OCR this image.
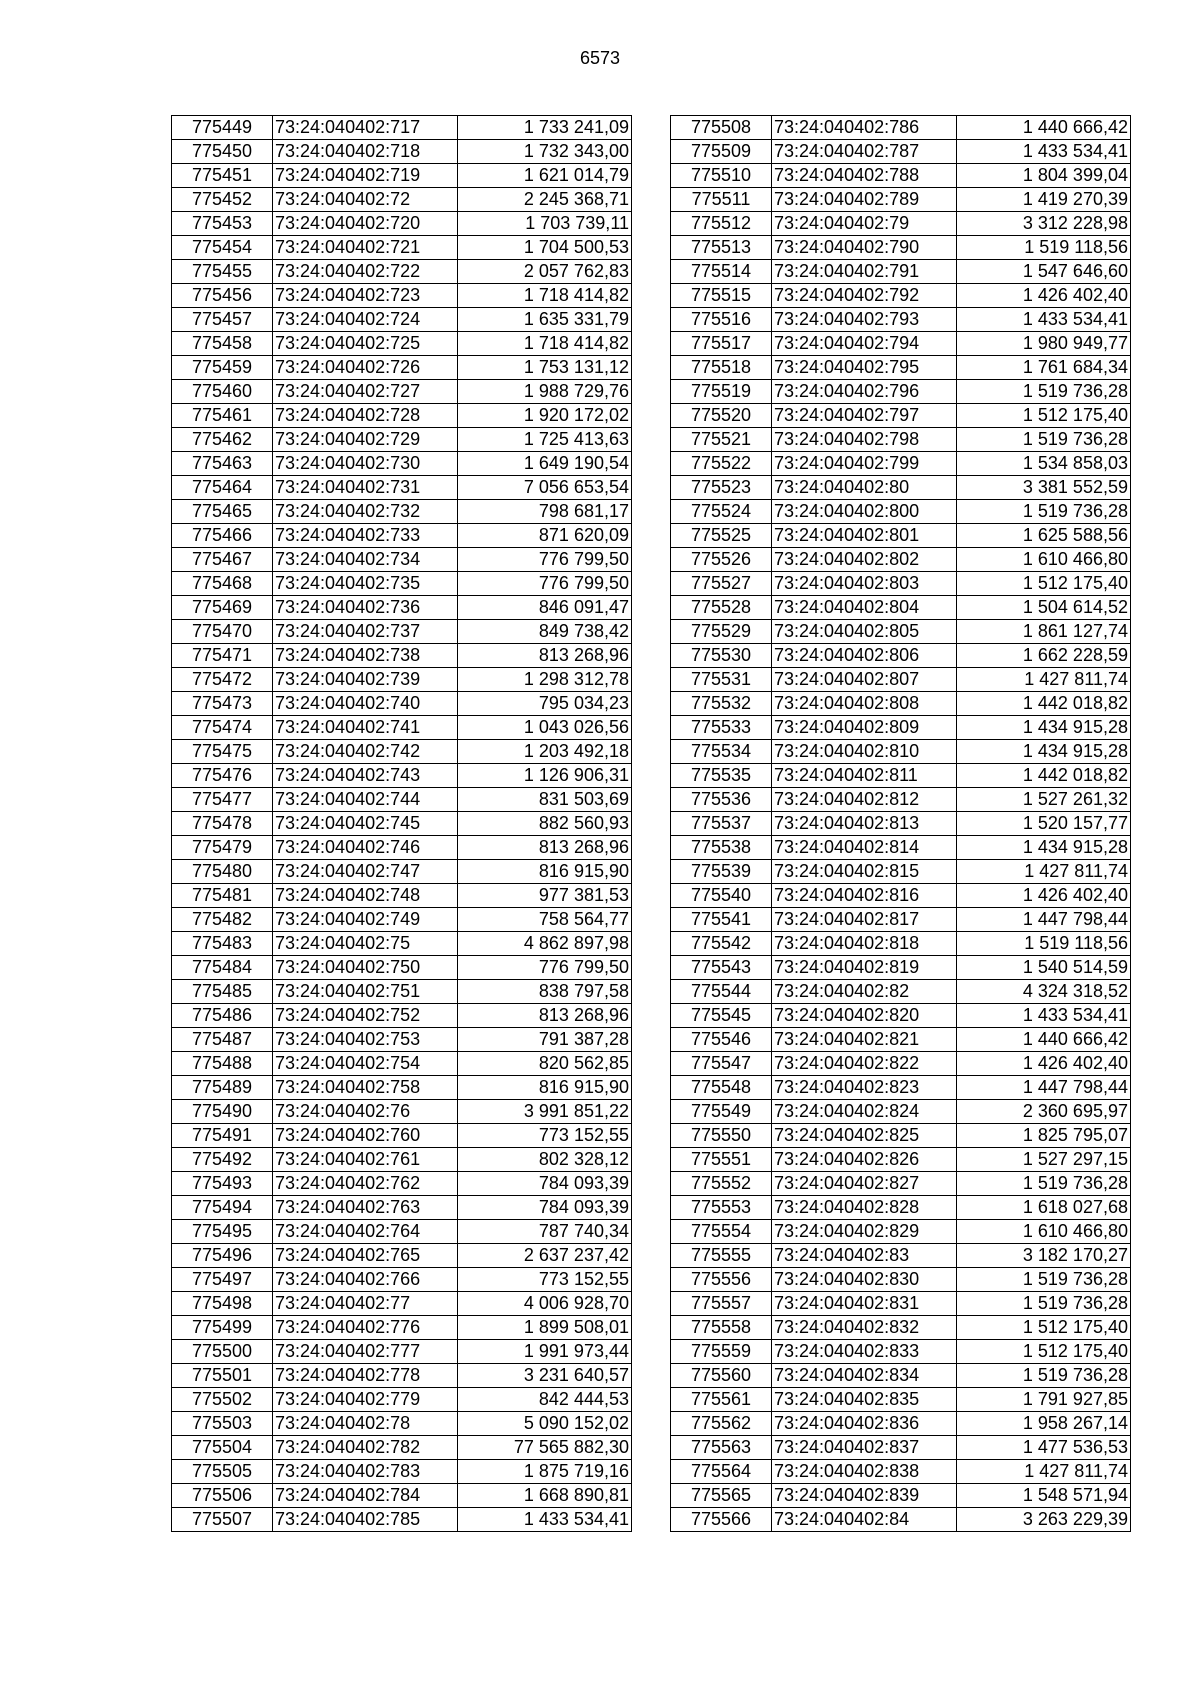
6573
775449	73:24:040402:717	1 733 241,09
775450	73:24:040402:718	1 732 343,00
775451	73:24:040402:719	1 621 014,79
775452	73:24:040402:72	2 245 368,71
775453	73:24:040402:720	1 703 739,11
775454	73:24:040402:721	1 704 500,53
775455	73:24:040402:722	2 057 762,83
775456	73:24:040402:723	1 718 414,82
775457	73:24:040402:724	1 635 331,79
775458	73:24:040402:725	1 718 414,82
775459	73:24:040402:726	1 753 131,12
775460	73:24:040402:727	1 988 729,76
775461	73:24:040402:728	1 920 172,02
775462	73:24:040402:729	1 725 413,63
775463	73:24:040402:730	1 649 190,54
775464	73:24:040402:731	7 056 653,54
775465	73:24:040402:732	798 681,17
775466	73:24:040402:733	871 620,09
775467	73:24:040402:734	776 799,50
775468	73:24:040402:735	776 799,50
775469	73:24:040402:736	846 091,47
775470	73:24:040402:737	849 738,42
775471	73:24:040402:738	813 268,96
775472	73:24:040402:739	1 298 312,78
775473	73:24:040402:740	795 034,23
775474	73:24:040402:741	1 043 026,56
775475	73:24:040402:742	1 203 492,18
775476	73:24:040402:743	1 126 906,31
775477	73:24:040402:744	831 503,69
775478	73:24:040402:745	882 560,93
775479	73:24:040402:746	813 268,96
775480	73:24:040402:747	816 915,90
775481	73:24:040402:748	977 381,53
775482	73:24:040402:749	758 564,77
775483	73:24:040402:75	4 862 897,98
775484	73:24:040402:750	776 799,50
775485	73:24:040402:751	838 797,58
775486	73:24:040402:752	813 268,96
775487	73:24:040402:753	791 387,28
775488	73:24:040402:754	820 562,85
775489	73:24:040402:758	816 915,90
775490	73:24:040402:76	3 991 851,22
775491	73:24:040402:760	773 152,55
775492	73:24:040402:761	802 328,12
775493	73:24:040402:762	784 093,39
775494	73:24:040402:763	784 093,39
775495	73:24:040402:764	787 740,34
775496	73:24:040402:765	2 637 237,42
775497	73:24:040402:766	773 152,55
775498	73:24:040402:77	4 006 928,70
775499	73:24:040402:776	1 899 508,01
775500	73:24:040402:777	1 991 973,44
775501	73:24:040402:778	3 231 640,57
775502	73:24:040402:779	842 444,53
775503	73:24:040402:78	5 090 152,02
775504	73:24:040402:782	77 565 882,30
775505	73:24:040402:783	1 875 719,16
775506	73:24:040402:784	1 668 890,81
775507	73:24:040402:785	1 433 534,41
775508	73:24:040402:786	1 440 666,42
775509	73:24:040402:787	1 433 534,41
775510	73:24:040402:788	1 804 399,04
775511	73:24:040402:789	1 419 270,39
775512	73:24:040402:79	3 312 228,98
775513	73:24:040402:790	1 519 118,56
775514	73:24:040402:791	1 547 646,60
775515	73:24:040402:792	1 426 402,40
775516	73:24:040402:793	1 433 534,41
775517	73:24:040402:794	1 980 949,77
775518	73:24:040402:795	1 761 684,34
775519	73:24:040402:796	1 519 736,28
775520	73:24:040402:797	1 512 175,40
775521	73:24:040402:798	1 519 736,28
775522	73:24:040402:799	1 534 858,03
775523	73:24:040402:80	3 381 552,59
775524	73:24:040402:800	1 519 736,28
775525	73:24:040402:801	1 625 588,56
775526	73:24:040402:802	1 610 466,80
775527	73:24:040402:803	1 512 175,40
775528	73:24:040402:804	1 504 614,52
775529	73:24:040402:805	1 861 127,74
775530	73:24:040402:806	1 662 228,59
775531	73:24:040402:807	1 427 811,74
775532	73:24:040402:808	1 442 018,82
775533	73:24:040402:809	1 434 915,28
775534	73:24:040402:810	1 434 915,28
775535	73:24:040402:811	1 442 018,82
775536	73:24:040402:812	1 527 261,32
775537	73:24:040402:813	1 520 157,77
775538	73:24:040402:814	1 434 915,28
775539	73:24:040402:815	1 427 811,74
775540	73:24:040402:816	1 426 402,40
775541	73:24:040402:817	1 447 798,44
775542	73:24:040402:818	1 519 118,56
775543	73:24:040402:819	1 540 514,59
775544	73:24:040402:82	4 324 318,52
775545	73:24:040402:820	1 433 534,41
775546	73:24:040402:821	1 440 666,42
775547	73:24:040402:822	1 426 402,40
775548	73:24:040402:823	1 447 798,44
775549	73:24:040402:824	2 360 695,97
775550	73:24:040402:825	1 825 795,07
775551	73:24:040402:826	1 527 297,15
775552	73:24:040402:827	1 519 736,28
775553	73:24:040402:828	1 618 027,68
775554	73:24:040402:829	1 610 466,80
775555	73:24:040402:83	3 182 170,27
775556	73:24:040402:830	1 519 736,28
775557	73:24:040402:831	1 519 736,28
775558	73:24:040402:832	1 512 175,40
775559	73:24:040402:833	1 512 175,40
775560	73:24:040402:834	1 519 736,28
775561	73:24:040402:835	1 791 927,85
775562	73:24:040402:836	1 958 267,14
775563	73:24:040402:837	1 477 536,53
775564	73:24:040402:838	1 427 811,74
775565	73:24:040402:839	1 548 571,94
775566	73:24:040402:84	3 263 229,39
